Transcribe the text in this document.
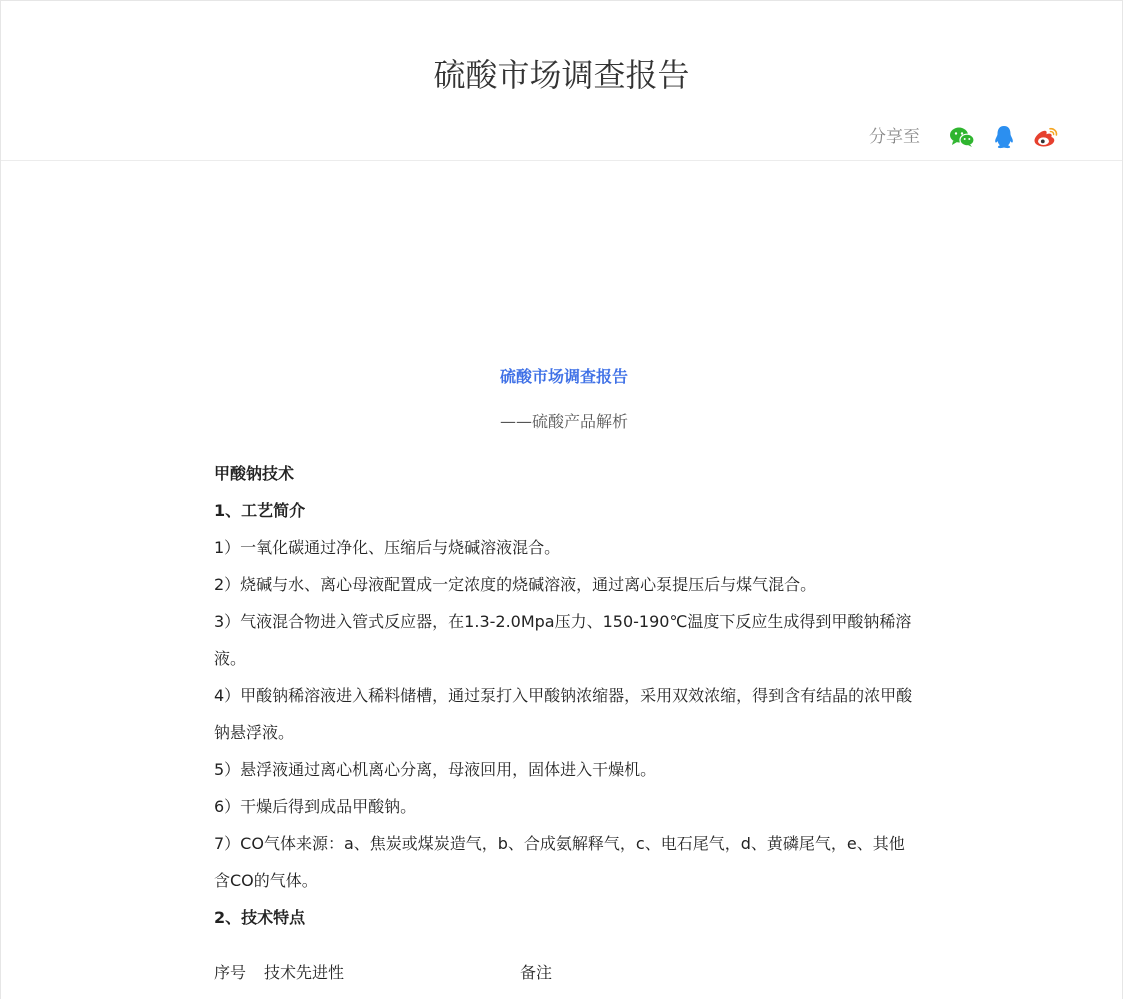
硫酸市场调查报告
分享至
硫酸市场调查报告
——硫酸产品解析

甲酸钠技术

1、工艺简介

1）一氧化碳通过净化、压缩后与烧碱溶液混合。

2）烧碱与水、离心母液配置成一定浓度的烧碱溶液，通过离心泵提压后与煤气混合。

3）气液混合物进入管式反应器，在1.3-2.0Mpa压力、150-190℃温度下反应生成得到甲酸钠稀溶液。

4）甲酸钠稀溶液进入稀料储槽，通过泵打入甲酸钠浓缩器，采用双效浓缩，得到含有结晶的浓甲酸钠悬浮液。

5）悬浮液通过离心机离心分离，母液回用，固体进入干燥机。

6）干燥后得到成品甲酸钠。

7）CO气体来源：a、焦炭或煤炭造气，b、合成氨解释气，c、电石尾气，d、黄磷尾气，e、其他含CO的气体。

2、技术特点

序号 技术先进性	备注
